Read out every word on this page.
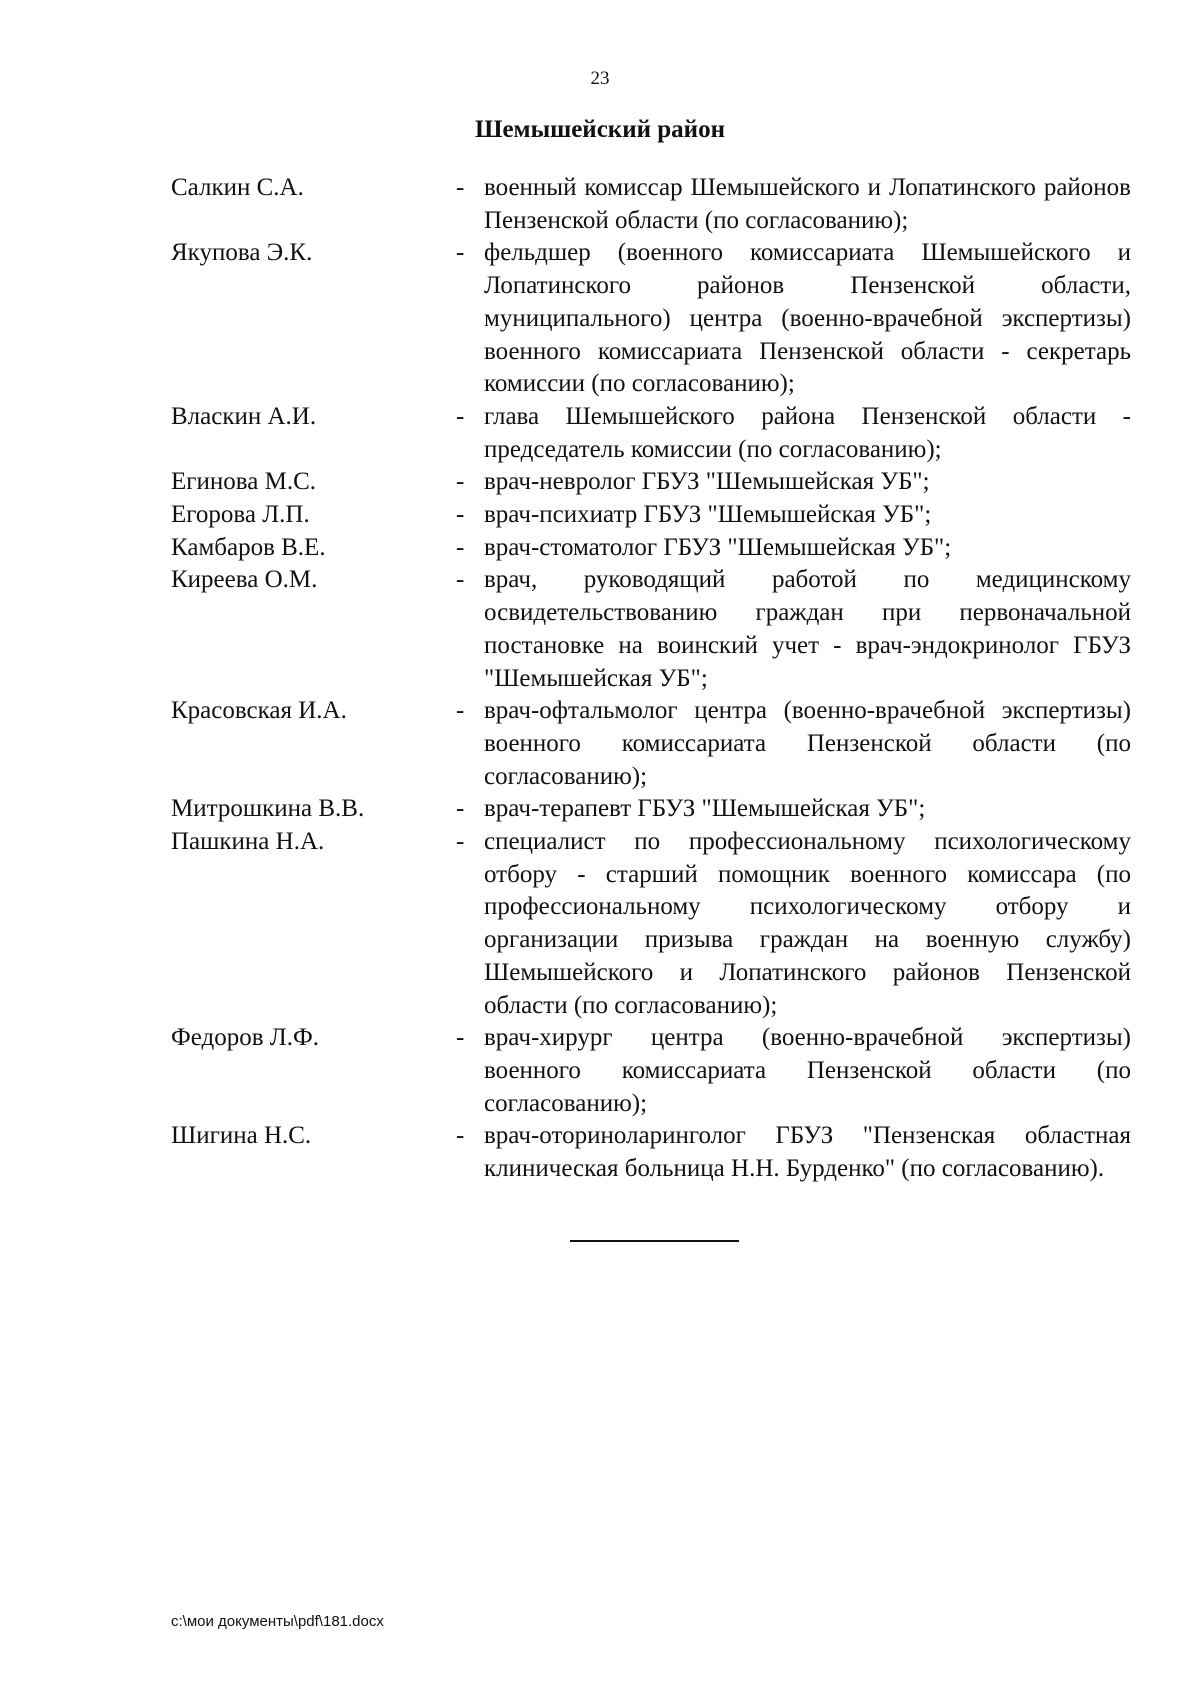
23
Шемышейский район
Салкин С.А.	- военный комиссар Шемышейского и Лопатинского районов Пензенской области (по согласованию);
Якупова Э.К.	- фельдшер (военного комиссариата Шемышейского и Лопатинского районов Пензенской области, муниципального) центра (военно-врачебной экспертизы) военного комиссариата Пензенской области - секретарь комиссии (по согласованию);
Власкин А.И.	- глава Шемышейского района Пензенской области - председатель комиссии (по согласованию);
Егинова М.С.	- врач-невролог ГБУЗ "Шемышейская УБ";
Егорова Л.П.	- врач-психиатр ГБУЗ "Шемышейская УБ";
Камбаров В.Е.	- врач-стоматолог ГБУЗ "Шемышейская УБ";
Киреева О.М.	- врач, руководящий работой по медицинскому освидетельствованию граждан при первоначальной постановке на воинский учет - врач-эндокринолог ГБУЗ "Шемышейская УБ";
Красовская И.А.	- врач-офтальмолог центра (военно-врачебной экспертизы) военного комиссариата Пензенской области (по согласованию);
Митрошкина В.В.	- врач-терапевт ГБУЗ "Шемышейская УБ";
Пашкина Н.А.	- специалист по профессиональному психологическому отбору - старший помощник военного комиссара (по профессиональному психологическому отбору и организации призыва граждан на военную службу) Шемышейского и Лопатинского районов Пензенской области (по согласованию);
Федоров Л.Ф.	- врач-хирург центра (военно-врачебной экспертизы) военного комиссариата Пензенской области (по согласованию);
Шигина Н.С.	- врач-оториноларинголог ГБУЗ "Пензенская областная клиническая больница Н.Н. Бурденко" (по согласованию).
c:\мои документы\pdf\181.docx
